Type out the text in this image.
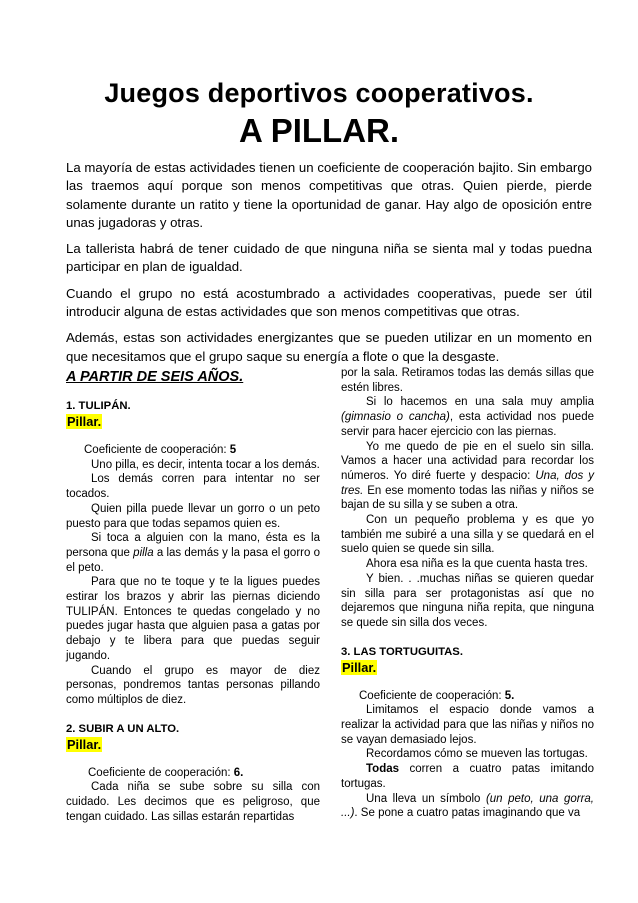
Juegos deportivos cooperativos.
A PILLAR.

La mayoría de estas actividades tienen un coeficiente de cooperación bajito. Sin embargo las traemos aquí porque son menos competitivas que otras. Quien pierde, pierde solamente durante un ratito y tiene la oportunidad de ganar. Hay algo de oposición entre unas jugadoras y otras.

La tallerista habrá de tener cuidado de que ninguna niña se sienta mal y todas puedna participar en plan de igualdad.

Cuando el grupo no está acostumbrado a actividades cooperativas, puede ser útil introducir alguna de estas actividades que son menos competitivas que otras.

Además, estas son actividades energizantes que se pueden utilizar en un momento en que necesitamos que el grupo saque su energía a flote o que la desgaste.

A PARTIR DE SEIS AÑOS.
1. TULIPÁN.
Pillar.

Coeficiente de cooperación: 5

Uno pilla, es decir, intenta tocar a los demás.

Los demás corren para intentar no ser tocados.

Quien pilla puede llevar un gorro o un peto puesto para que todas sepamos quien es.

Si toca a alguien con la mano, ésta es la persona que pilla a las demás y la pasa el gorro o el peto.

Para que no te toque y te la ligues puedes estirar los brazos y abrir las piernas diciendo TULIPÁN. Entonces te quedas congelado y no puedes jugar hasta que alguien pasa a gatas por debajo y te libera para que puedas seguir jugando.

Cuando el grupo es mayor de diez personas, pondremos tantas personas pillando como múltiplos de diez.

2. SUBIR A UN ALTO.
Pillar.

Coeficiente de cooperación: 6.

Cada niña se sube sobre su silla con cuidado. Les decimos que es peligroso, que tengan cuidado. Las sillas estarán repartidas

por la sala. Retiramos todas las demás sillas que estén libres.

Si lo hacemos en una sala muy amplia (gimnasio o cancha), esta actividad nos puede servir para hacer ejercicio con las piernas.

Yo me quedo de pie en el suelo sin silla. Vamos a hacer una actividad para recordar los números. Yo diré fuerte y despacio: Una, dos y tres. En ese momento todas las niñas y niños se bajan de su silla y se suben a otra.

Con un pequeño problema y es que yo también me subiré a una silla y se quedará en el suelo quien se quede sin silla.

Ahora esa niña es la que cuenta hasta tres.

Y bien. . .muchas niñas se quieren quedar sin silla para ser protagonistas así que no dejaremos que ninguna niña repita, que ninguna se quede sin silla dos veces.

3. LAS TORTUGUITAS.
Pillar.

Coeficiente de cooperación: 5.

Limitamos el espacio donde vamos a realizar la actividad para que las niñas y niños no se vayan demasiado lejos.

Recordamos cómo se mueven las tortugas.

Todas corren a cuatro patas imitando tortugas.

Una lleva un símbolo (un peto, una gorra, ...). Se pone a cuatro patas imaginando que va
